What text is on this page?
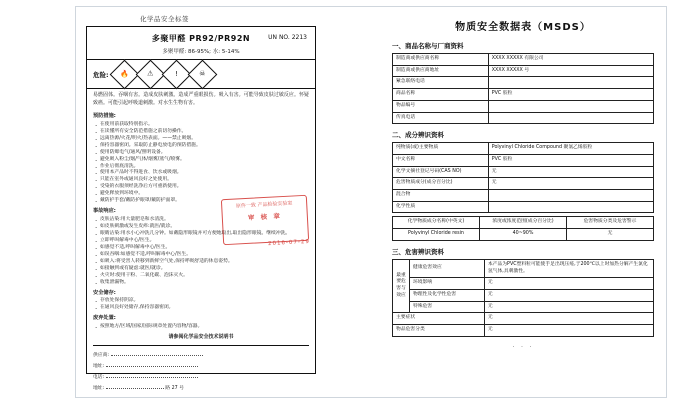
化学品安全标签
多聚甲醛 PR92/PR92N	UN NO. 2213
多聚甲醛: 86-95%; 水: 5-14%
危险: 🔥	⚠	!	☠
易燃固体。吞咽有害。造成皮肤刺激。造成严重眼损伤。吸入有害。可能导致皮肤过敏反应。怀疑致癌。可能引起呼吸道刺激。对水生生物有害。
预防措施:
· 在使用前获取特别指示。
· 在读懂所有安全防范措施之前切勿操作。
· 远离热源/火花/明火/热表面。——禁止吸烟。
· 保持容器密闭。采取防止静电放电的预防措施。
· 使用防爆电气/通风/照明设备。
· 避免吸入粉尘/烟/气体/烟雾/蒸气/喷雾。
· 作业后彻底清洗。
· 使用本产品时不得进食、饮水或吸烟。
· 只能在室外或通风良好之处使用。
· 受染的衣服须经洗净后方可重新使用。
· 避免释放到环境中。
· 戴防护手套/戴防护眼罩/戴防护面罩。
事故响应:
· 皮肤沾染:用大量肥皂和水清洗。
· 如皮肤刺激或发生皮疹:就医/就诊。
· 眼睛沾染:用水小心冲洗几分钟。如戴隐形眼镜并可方便地取出,取出隐形眼镜。继续冲洗。
· 立即呼叫解毒中心/医生。
· 如感觉不适,呼叫解毒中心/医生。
· 如误吞咽:如感觉不适,呼叫解毒中心/医生。
· 如吸入:将受害人转移到新鲜空气处,保持呼吸舒适的休息姿势。
· 如接触到或有疑虑:就医/就诊。
· 火灾时:使用干粉、二氧化碳、泡沫灭火。
· 收集泄漏物。
安全储存:
· 存放处保持阴凉。
· 在通风良好处储存,保持容器密闭。
废弃处置:
· 按照地方/区域/国家/国际规章处置内容物/容器。
请参阅化学品安全技术说明书
供应商:
地址:
电话:
地址:	路 27 号
原件一致 产品检验实验室
审 核 章
2016-07-29
物质安全数据表（MSDS）
一、商品名称与厂商资料
制造商或供应商名称	XXXX XXXXX 有限公司
制造商或供应商地址	XXXX XXXXX 号
紧急联络电话	
商品名称	PVC 胶粒
物品编号	
传真电话	
二、成分辨识资料
纯物质(或)主要物质	Polyvinyl Chloride Compound 聚氯乙烯胶粒
中文名称	PVC 胶粒
化学文摘社登记号码(CAS NO)	无
危害物质成分(成分百分比)	无
混合物	
化学性质	
化学物质成分名称(中英文)	浓度或浓度范围(成分百分比)	危害物质分类及危害警示
Polyvinyl Chloride resin	40~90%	无
三、危害辨识资料
最重要危害与效应	健康危害效应	本产品为PVC塑料粒可能使手足出现压疮,于200℃以上时加热分解产生氯化氢气体,具刺激性。
	环境影响	无
	物理性及化学性危害	无
	特殊危害	无
主要症状		无
物品危害分类		无
· · ·
